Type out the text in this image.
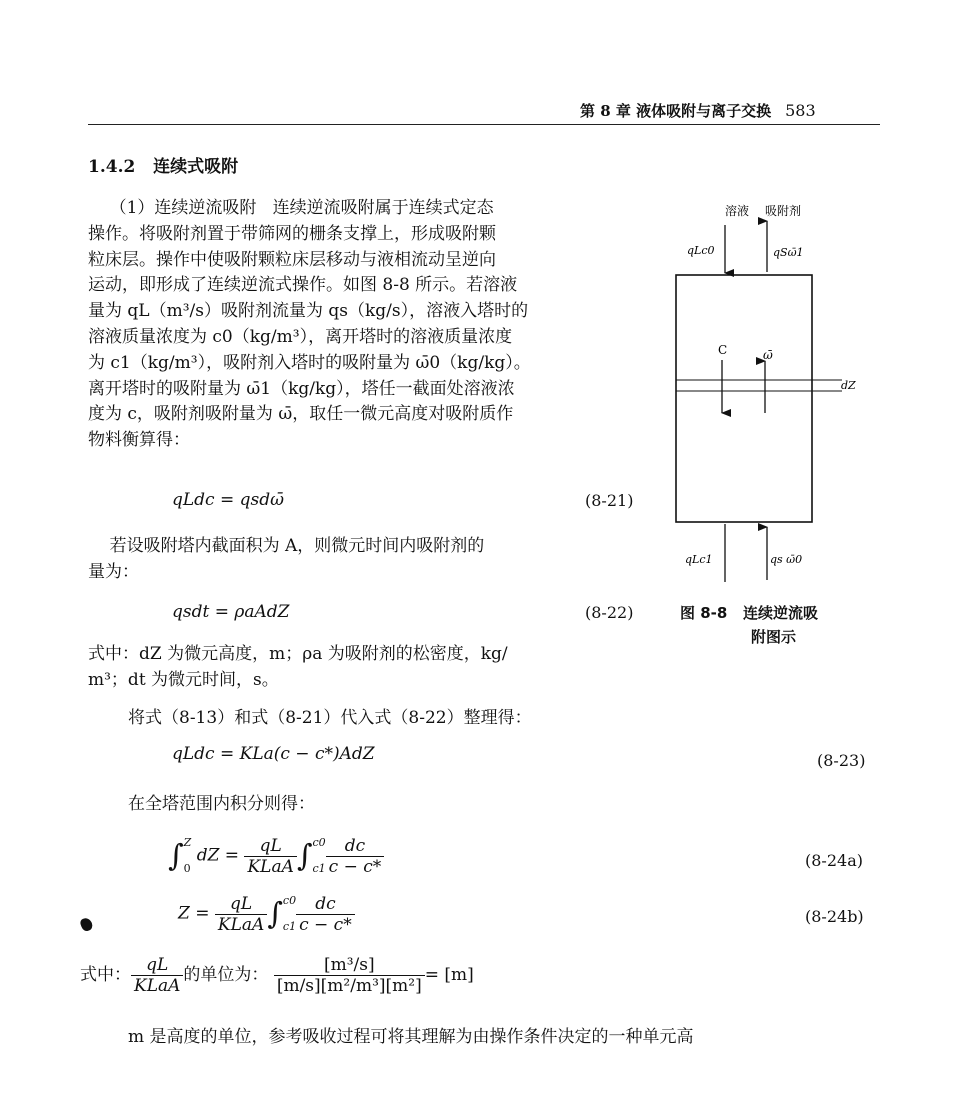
第 8 章 液体吸附与离子交换 583
1.4.2 连续式吸附
（1）连续逆流吸附   连续逆流吸附属于连续式定态
操作。将吸附剂置于带筛网的栅条支撑上，形成吸附颗
粒床层。操作中使吸附颗粒床层移动与液相流动呈逆向
运动，即形成了连续逆流式操作。如图 8-8 所示。若溶液
量为 qL（m³/s）吸附剂流量为 qs（kg/s），溶液入塔时的
溶液质量浓度为 c0（kg/m³），离开塔时的溶液质量浓度
为 c1（kg/m³），吸附剂入塔时的吸附量为 ω̄0（kg/kg）。
离开塔时的吸附量为 ω̄1（kg/kg），塔任一截面处溶液浓
度为 c，吸附剂吸附量为 ω̄，取任一微元高度对吸附质作
物料衡算得：
qLdc = qsdω̄	(8-21)
若设吸附塔内截面积为 A，则微元时间内吸附剂的
量为：
qsdt = ρaAdZ	(8-22)
式中：dZ 为微元高度，m；ρa 为吸附剂的松密度，kg/
m³；dt 为微元时间，s。
将式（8-13）和式（8-21）代入式（8-22）整理得：
qLdc = KLa(c − c*)AdZ	(8-23)
在全塔范围内积分则得：
∫ Z
0
dZ = $\frac{qL}{\text{KLaA}}$ ∫ c0
$c1 \frac{dc}{c - c*}$	(8-24a)
$Z = \frac{qL}{\text{KLaA}}$ ∫ c0
$c1 \frac{dc}{c - c*}$	(8-24b)
式中： $\frac{qL}{\text{KLaA}}$ 的单位为： $\frac{\text{[m³/s]}}{\text{[m/s][m²/m³][m²]}} = [m]$
m 是高度的单位，参考吸收过程可将其理解为由操作条件决定的一种单元高
溶液 吸附剂
qLc0	qSω̄1
dZ
C	ω̄
qLc1	qs ω̄0
图 8-8 连续逆流吸
附图示
